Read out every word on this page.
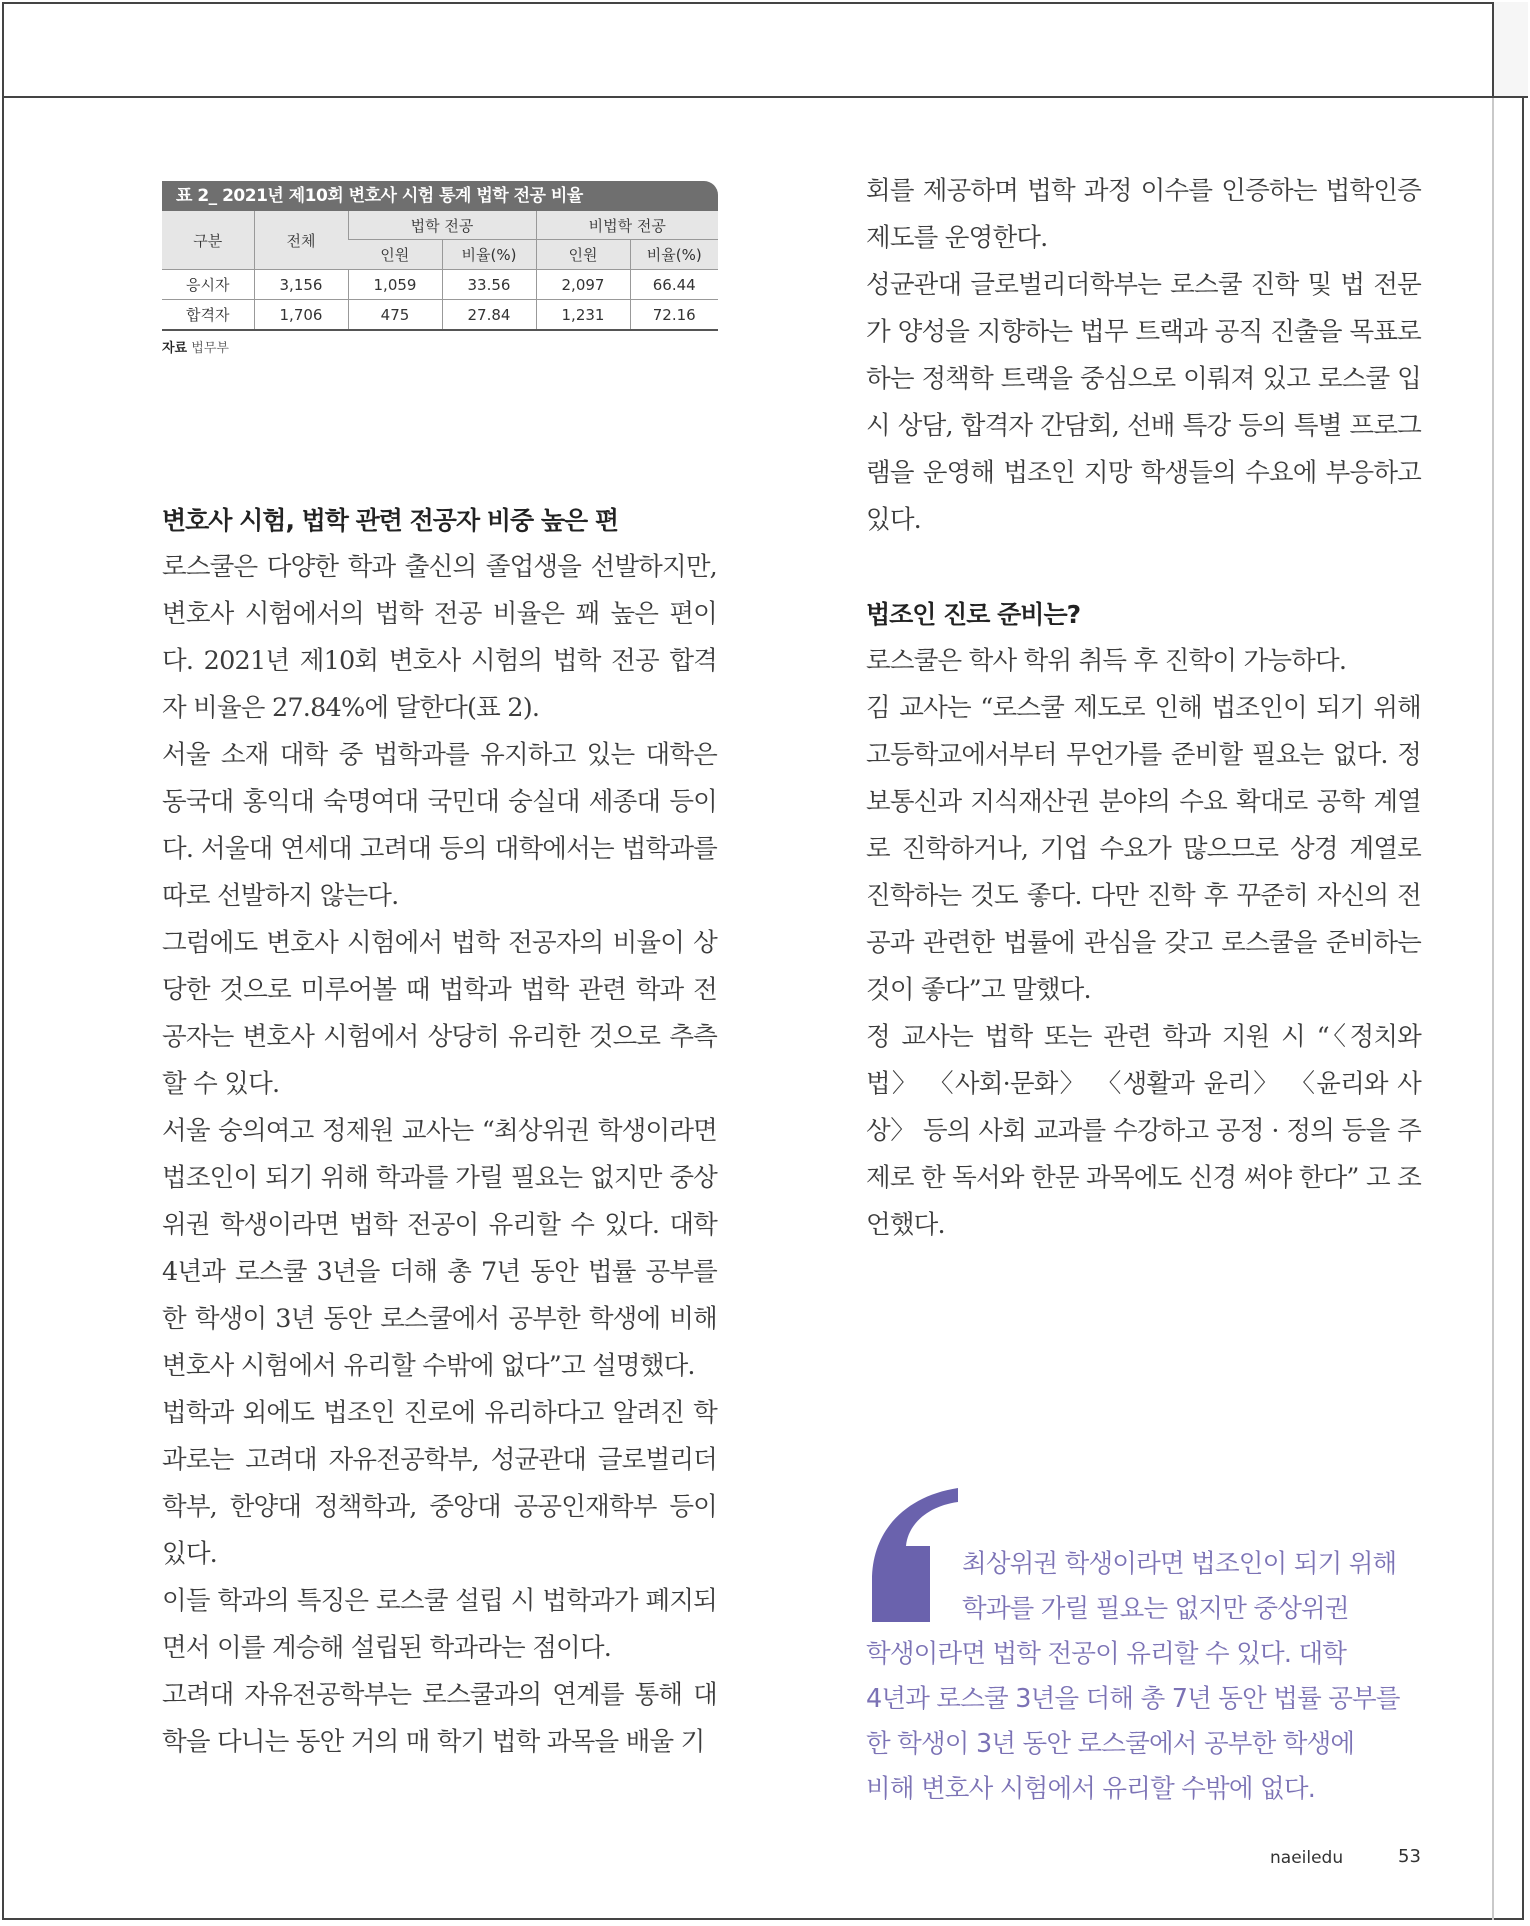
표 2_ 2021년 제10회 변호사 시험 통계 법학 전공 비율
구분	전체	법학 전공		비법학 전공	
		인원	비율(%)	인원	비율(%)
응시자	3,156	1,059	33.56	2,097	66.44
합격자	1,706	475	27.84	1,231	72.16
자료 법무부
변호사 시험, 법학 관련 전공자 비중 높은 편

로스쿨은 다양한 학과 출신의 졸업생을 선발하지만, 변호사 시험에서의 법학 전공 비율은 꽤 높은 편이다. 2021년 제10회 변호사 시험의 법학 전공 합격자 비율은 27.84%에 달한다(표 2).

서울 소재 대학 중 법학과를 유지하고 있는 대학은 동국대 홍익대 숙명여대 국민대 숭실대 세종대 등이다. 서울대 연세대 고려대 등의 대학에서는 법학과를 따로 선발하지 않는다.

그럼에도 변호사 시험에서 법학 전공자의 비율이 상당한 것으로 미루어볼 때 법학과 법학 관련 학과 전공자는 변호사 시험에서 상당히 유리한 것으로 추측할 수 있다.

서울 숭의여고 정제원 교사는 “최상위권 학생이라면 법조인이 되기 위해 학과를 가릴 필요는 없지만 중상위권 학생이라면 법학 전공이 유리할 수 있다. 대학 4년과 로스쿨 3년을 더해 총 7년 동안 법률 공부를 한 학생이 3년 동안 로스쿨에서 공부한 학생에 비해 변호사 시험에서 유리할 수밖에 없다”고 설명했다.

법학과 외에도 법조인 진로에 유리하다고 알려진 학과로는 고려대 자유전공학부, 성균관대 글로벌리더학부, 한양대 정책학과, 중앙대 공공인재학부 등이 있다.

이들 학과의 특징은 로스쿨 설립 시 법학과가 폐지되면서 이를 계승해 설립된 학과라는 점이다.

고려대 자유전공학부는 로스쿨과의 연계를 통해 대학을 다니는 동안 거의 매 학기 법학 과목을 배울 기

회를 제공하며 법학 과정 이수를 인증하는 법학인증제도를 운영한다.

성균관대 글로벌리더학부는 로스쿨 진학 및 법 전문가 양성을 지향하는 법무 트랙과 공직 진출을 목표로 하는 정책학 트랙을 중심으로 이뤄져 있고 로스쿨 입시 상담, 합격자 간담회, 선배 특강 등의 특별 프로그램을 운영해 법조인 지망 학생들의 수요에 부응하고 있다.

법조인 진로 준비는?

로스쿨은 학사 학위 취득 후 진학이 가능하다.

김 교사는 “로스쿨 제도로 인해 법조인이 되기 위해 고등학교에서부터 무언가를 준비할 필요는 없다. 정보통신과 지식재산권 분야의 수요 확대로 공학 계열로 진학하거나, 기업 수요가 많으므로 상경 계열로 진학하는 것도 좋다. 다만 진학 후 꾸준히 자신의 전공과 관련한 법률에 관심을 갖고 로스쿨을 준비하는 것이 좋다”고 말했다.

정 교사는 법학 또는 관련 학과 지원 시 “〈정치와 법〉 〈사회·문화〉 〈생활과 윤리〉 〈윤리와 사상〉 등의 사회 교과를 수강하고 공정 · 정의 등을 주제로 한 독서와 한문 과목에도 신경 써야 한다” 고 조언했다.

최상위권 학생이라면 법조인이 되기 위해
학과를 가릴 필요는 없지만 중상위권
학생이라면 법학 전공이 유리할 수 있다. 대학
4년과 로스쿨 3년을 더해 총 7년 동안 법률 공부를
한 학생이 3년 동안 로스쿨에서 공부한 학생에
비해 변호사 시험에서 유리할 수밖에 없다.
naeiledu	53
